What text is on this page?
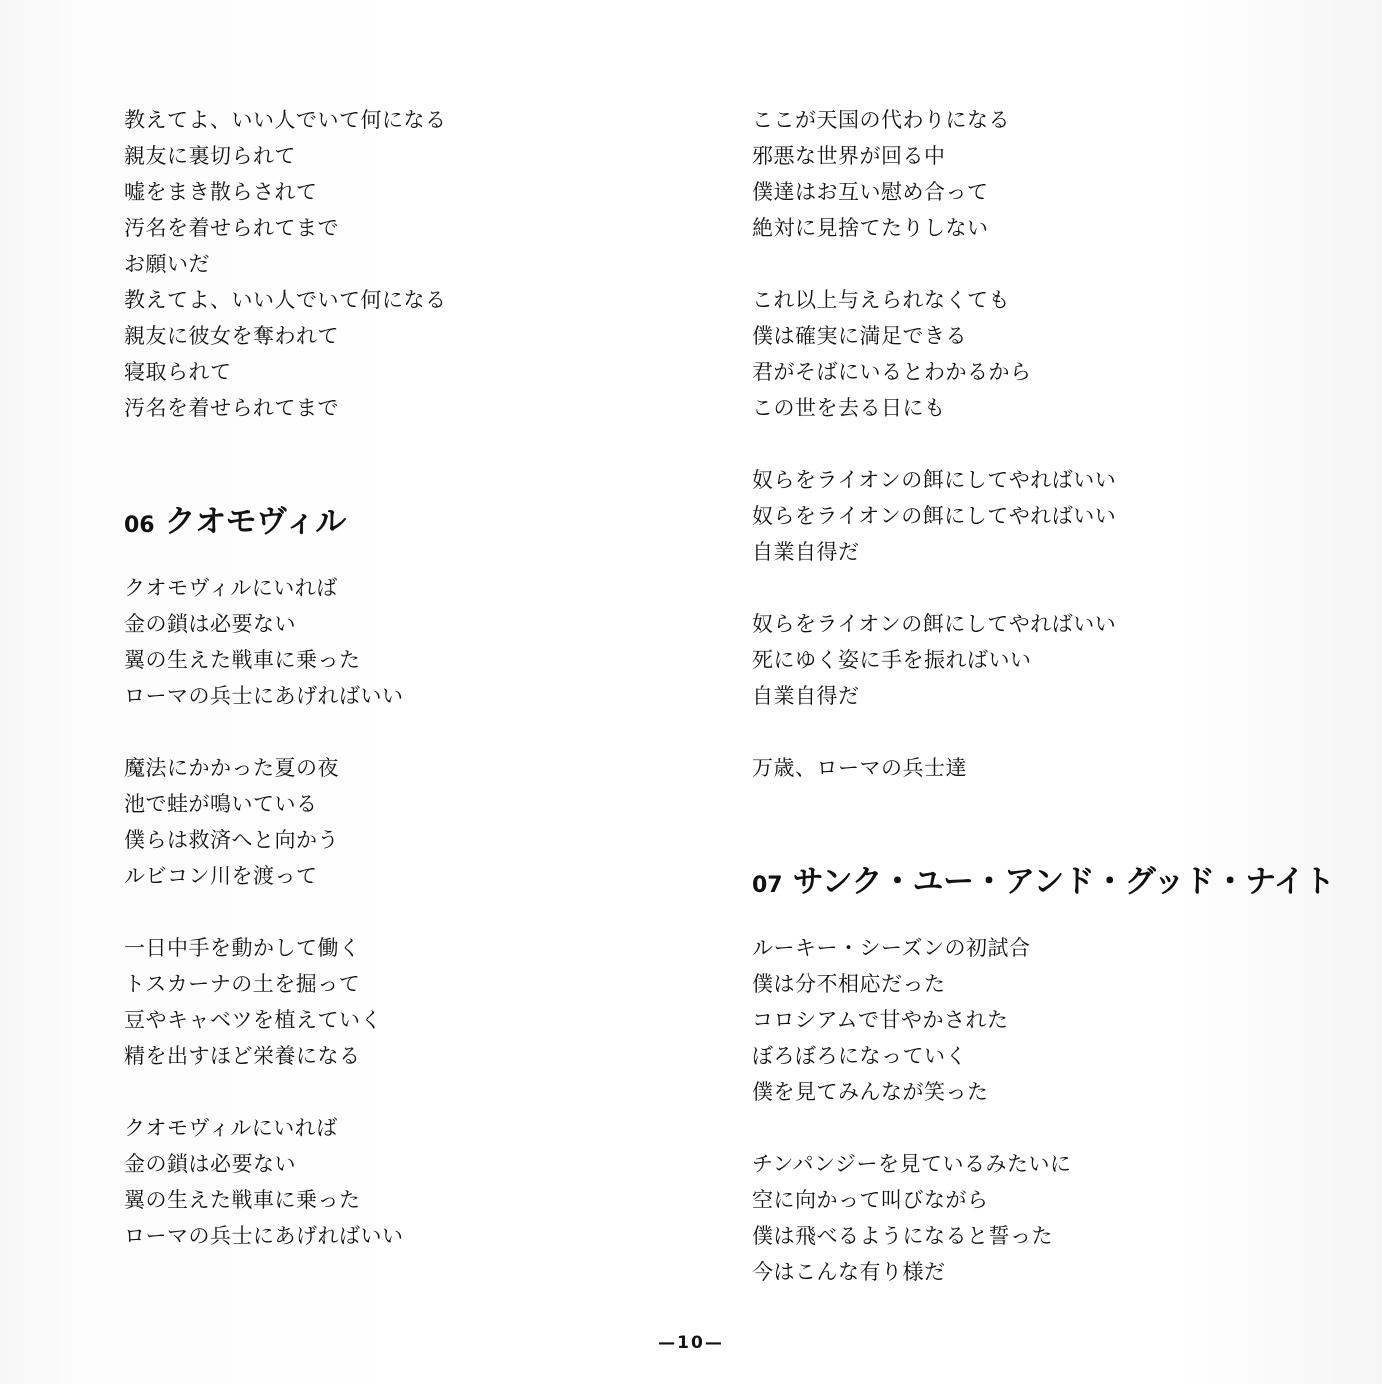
教えてよ、いい人でいて何になる
親友に裏切られて
嘘をまき散らされて
汚名を着せられてまで
お願いだ
教えてよ、いい人でいて何になる
親友に彼女を奪われて
寝取られて
汚名を着せられてまで
06 クオモヴィル
クオモヴィルにいれば
金の鎖は必要ない
翼の生えた戦車に乗った
ローマの兵士にあげればいい
魔法にかかった夏の夜
池で蛙が鳴いている
僕らは救済へと向かう
ルビコン川を渡って
一日中手を動かして働く
トスカーナの土を掘って
豆やキャベツを植えていく
精を出すほど栄養になる
クオモヴィルにいれば
金の鎖は必要ない
翼の生えた戦車に乗った
ローマの兵士にあげればいい
ここが天国の代わりになる
邪悪な世界が回る中
僕達はお互い慰め合って
絶対に見捨てたりしない
これ以上与えられなくても
僕は確実に満足できる
君がそばにいるとわかるから
この世を去る日にも
奴らをライオンの餌にしてやればいい
奴らをライオンの餌にしてやればいい
自業自得だ
奴らをライオンの餌にしてやればいい
死にゆく姿に手を振ればいい
自業自得だ
万歳、ローマの兵士達
07 サンク・ユー・アンド・グッド・ナイト
ルーキー・シーズンの初試合
僕は分不相応だった
コロシアムで甘やかされた
ぼろぼろになっていく
僕を見てみんなが笑った
チンパンジーを見ているみたいに
空に向かって叫びながら
僕は飛べるようになると誓った
今はこんな有り様だ
—10—
